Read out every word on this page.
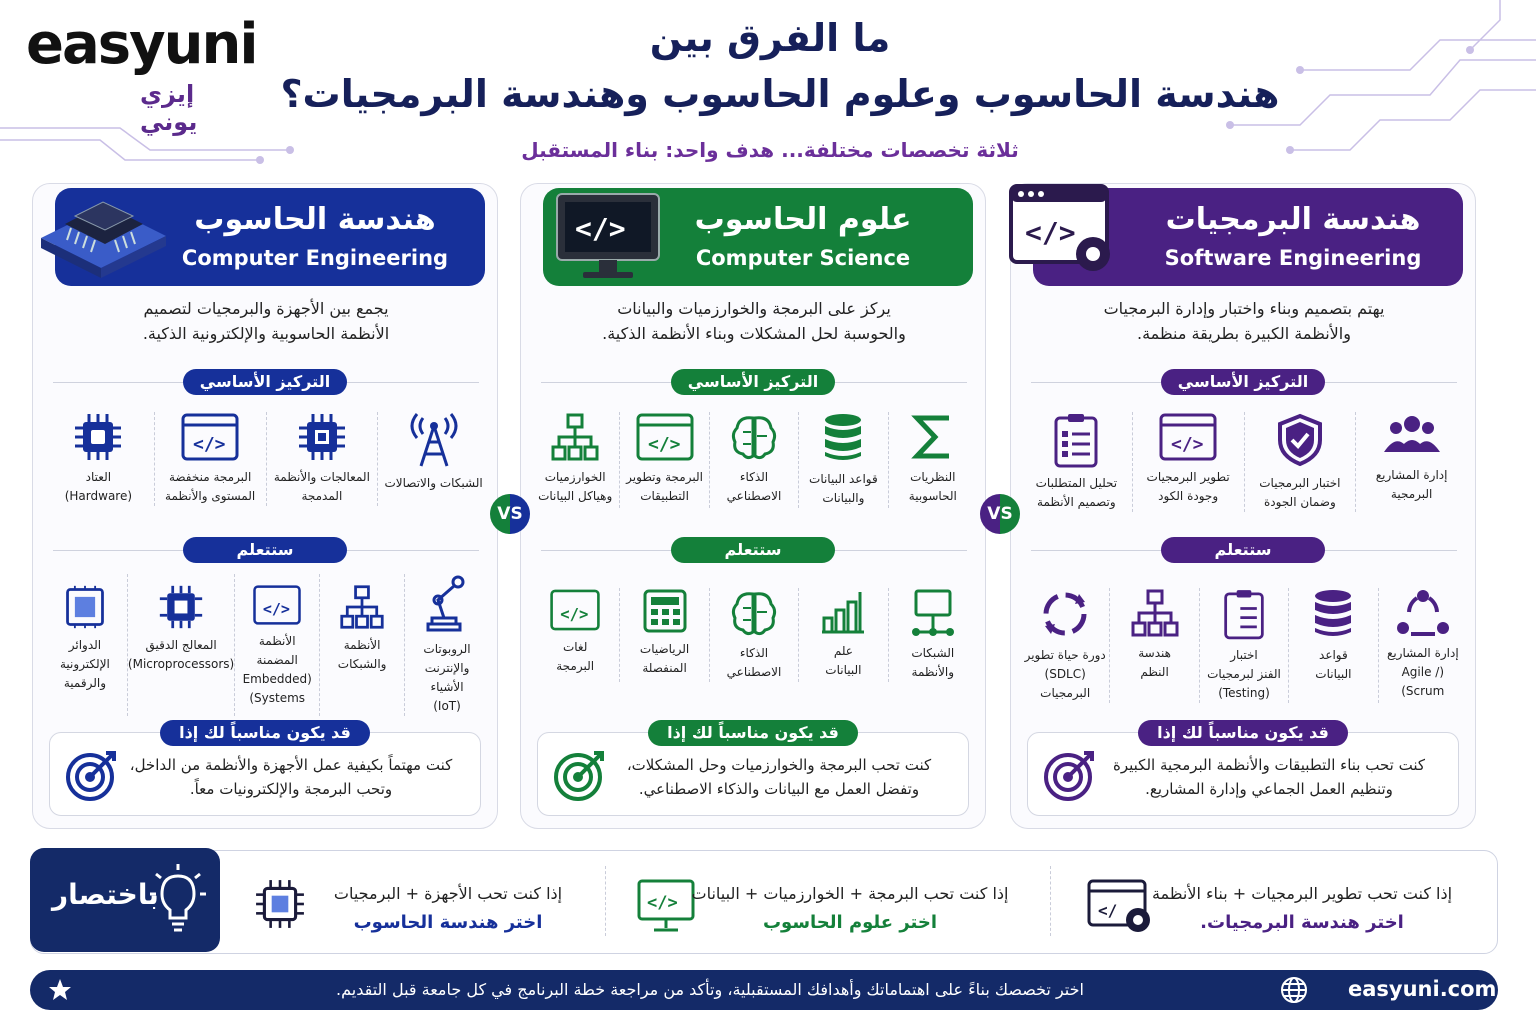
easyuni
إيزي يوني
ما الفرق بين
هندسة الحاسوب وعلوم الحاسوب وهندسة البرمجيات؟
ثلاثة تخصصات مختلفة... هدف واحد: بناء المستقبل
</>	هندسة البرمجيات
Software Engineering
يهتم بتصميم وبناء واختبار وإدارة البرمجيات
والأنظمة الكبيرة بطريقة منظمة.
التركيز الأساسي
إدارة المشاريع
البرمجية
اختبار البرمجيات
وضمان الجودة
</>
تطوير البرمجيات
وجودة الكود
تحليل المتطلبات
وتصميم الأنظمة
ستتعلم
إدارة المشاريع
(Agile / Scrum)
قواعد
البيانات
اختبار
الفنز لبرمجيات
(Testing)
هندسة
النظم
دورة حياة تطوير
(SDLC) البرمجيات
كنت تحب بناء التطبيقات والأنظمة البرمجية الكبيرة
وتنظيم العمل الجماعي وإدارة المشاريع.
قد يكون مناسباً لك إذا
</>	علوم الحاسوب
Computer Science
يركز على البرمجة والخوارزميات والبيانات
والحوسبة لحل المشكلات وبناء الأنظمة الذكية.
التركيز الأساسي
النظريات
الحاسوبية
قواعد البيانات
والبيانات
الذكاء
الاصطناعي
</>
البرمجة وتطوير
التطبيقات
الخوارزميات
وهياكل البيانات
ستتعلم
الشبكات
والأنظمة
علم
البيانات
الذكاء
الاصطناعي
الرياضيات
المنفصلة
</>
لغات
البرمجة
كنت تحب البرمجة والخوارزميات وحل المشكلات،
وتفضل العمل مع البيانات والذكاء الاصطناعي.
قد يكون مناسباً لك إذا
هندسة الحاسوب
Computer Engineering
يجمع بين الأجهزة والبرمجيات لتصميم
الأنظمة الحاسوبية والإلكترونية الذكية.
التركيز الأساسي
الشبكات والاتصالات
المعالجات والأنظمة
المدمجة
</>
البرمجة منخفضة
المستوى والأنظمة
العتاد
(Hardware)
ستتعلم
الروبوتات
والإنترنت
الأشياء
(IoT)
الأنظمة
والشبكات
</>
الأنظمة
المضمنة
(Embedded
Systems)
المعالج الدقيق
(Microprocessors)
الدوائر
الإلكترونية
والرقمية
كنت مهتماً بكيفية عمل الأجهزة والأنظمة من الداخل،
وتحب البرمجة والإلكترونيات معاً.
قد يكون مناسباً لك إذا
VS	VS
باختصار	</
إذا كنت تحب تطوير البرمجيات + بناء الأنظمة
اختر هندسة البرمجيات.
</> إذا كنت تحب البرمجة + الخوارزميات + البيانات
اختر علوم الحاسوب
إذا كنت تحب الأجهزة + البرمجيات
اختر هندسة الحاسوب
اختر تخصصك بناءً على اهتماماتك وأهدافك المستقبلية، وتأكد من مراجعة خطة البرنامج في كل جامعة قبل التقديم.	easyuni.com
